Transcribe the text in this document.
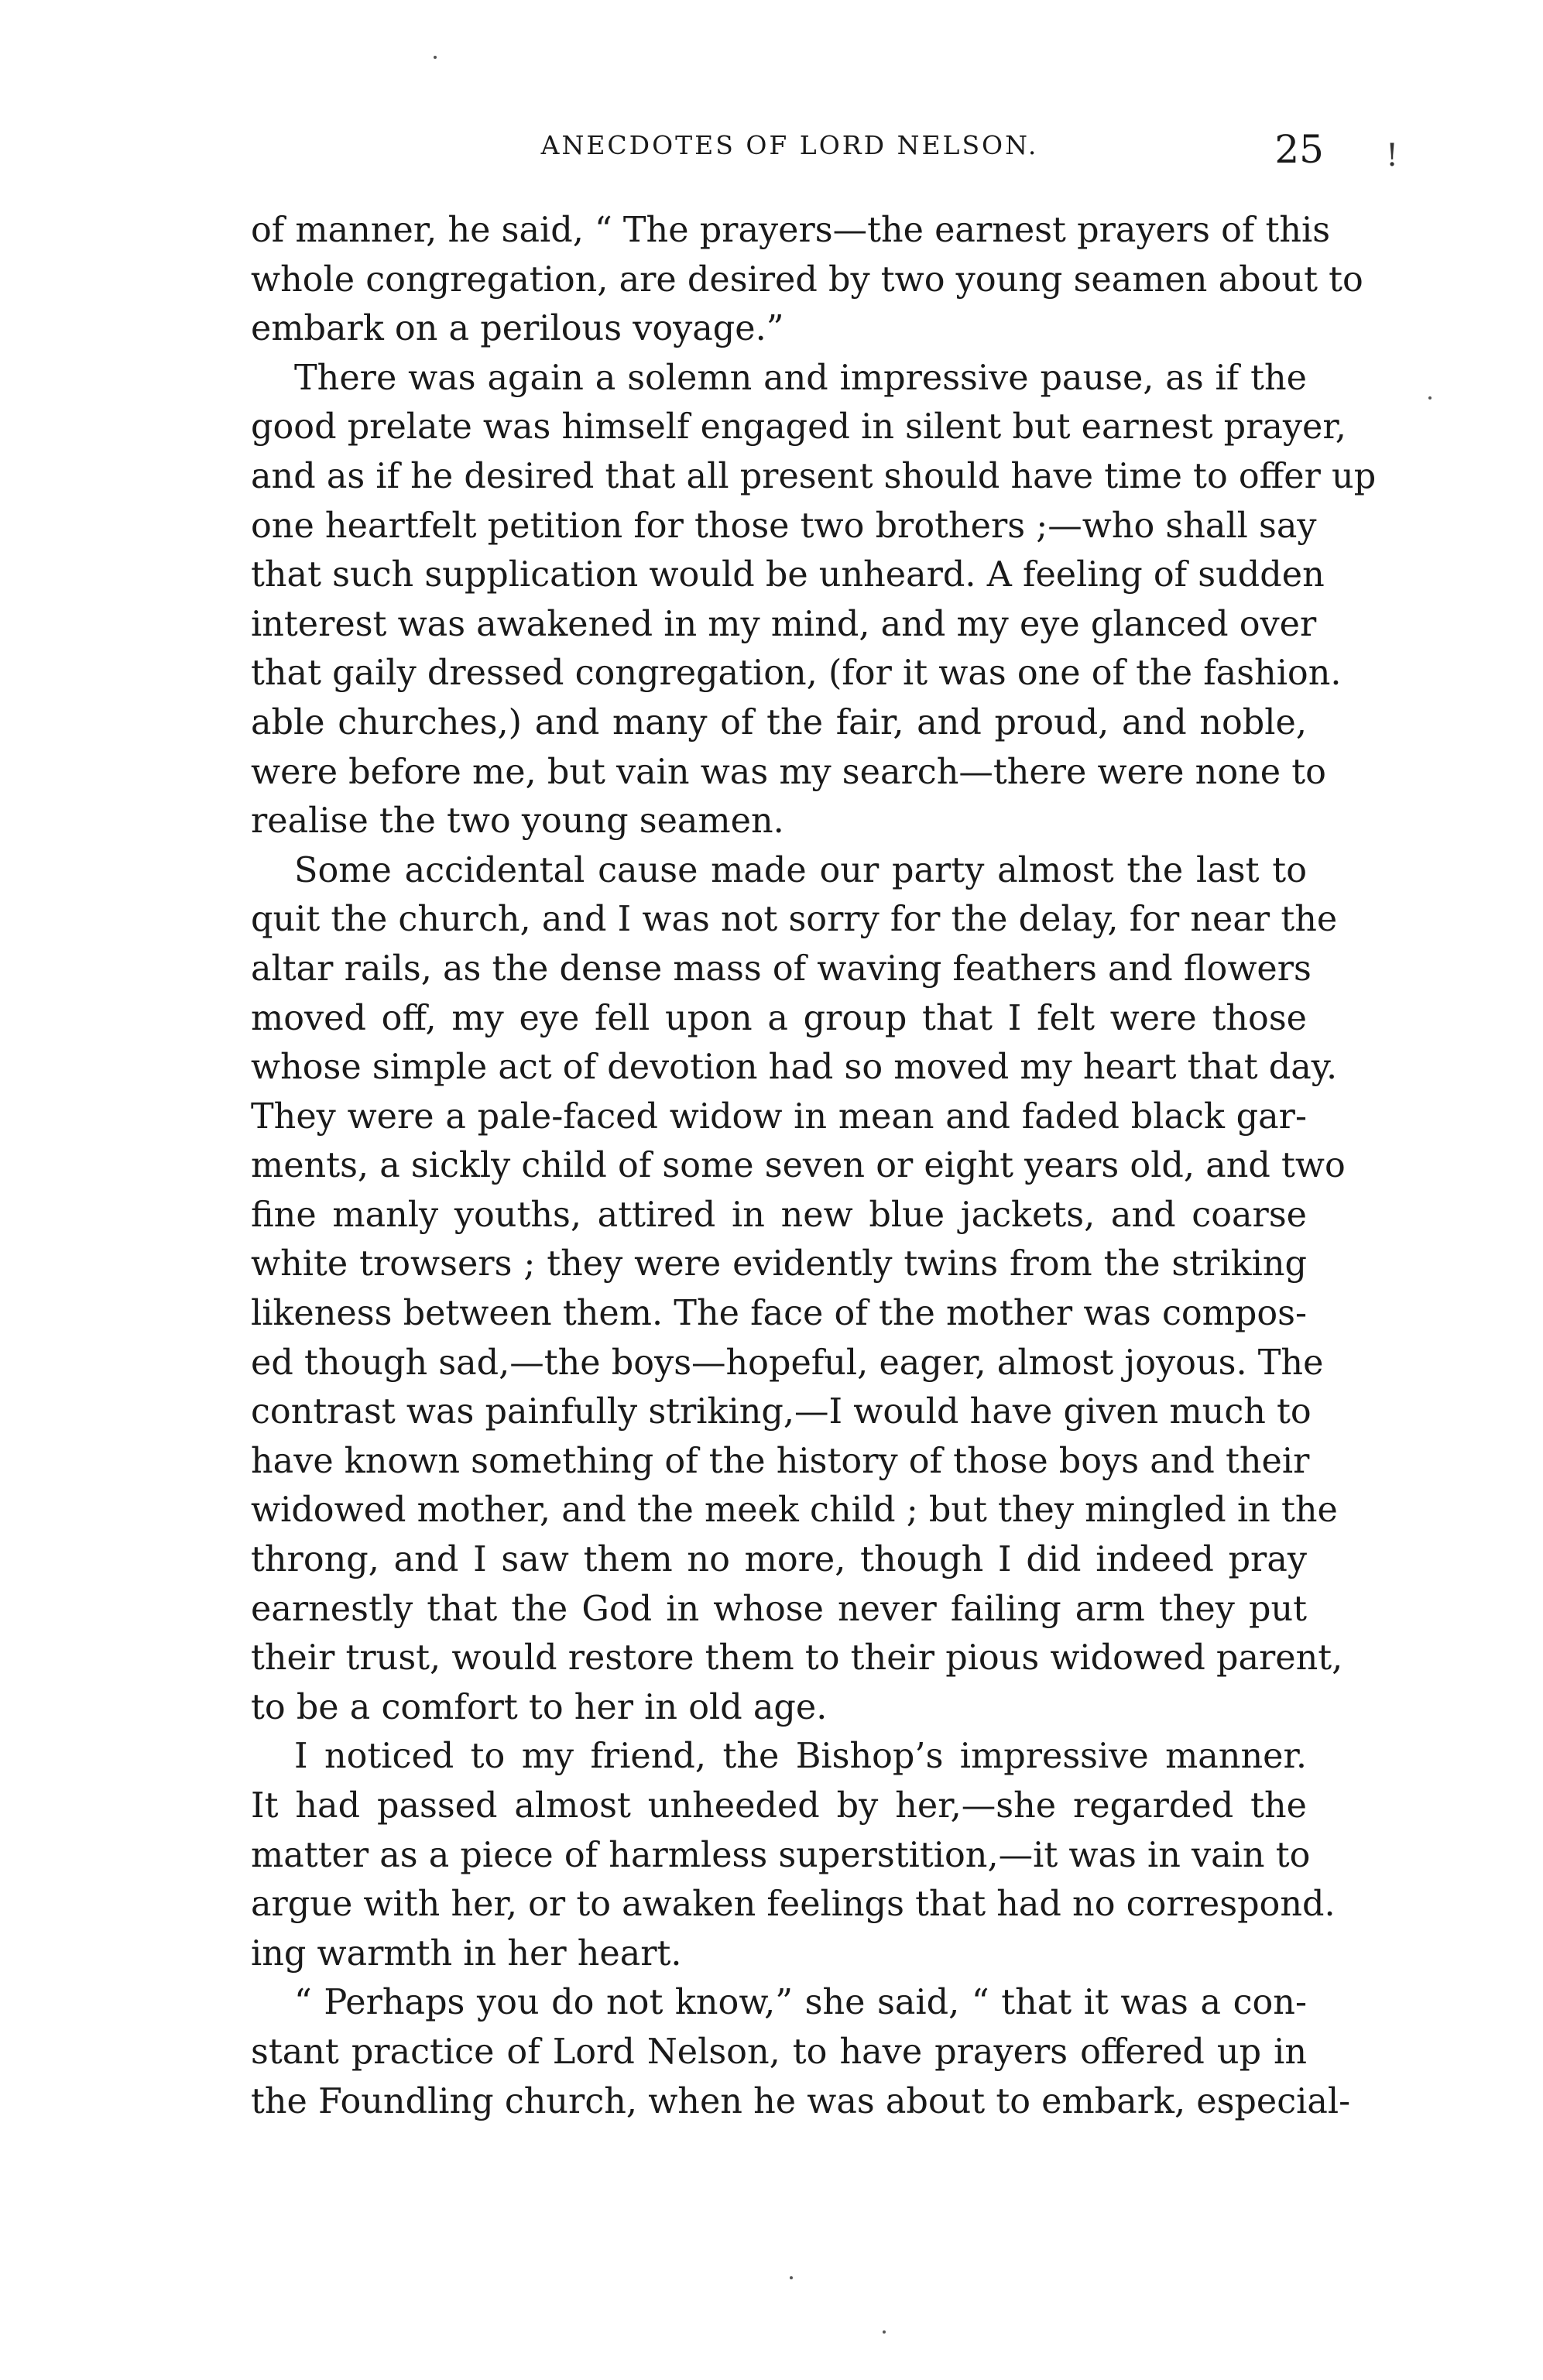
ANECDOTES OF LORD NELSON.	25 !
of manner, he said, “ The prayers—the earnest prayers of this
whole congregation, are desired by two young seamen about to
embark on a perilous voyage.”
There was again a solemn and impressive pause, as if the
good prelate was himself engaged in silent but earnest prayer,
and as if he desired that all present should have time to offer up
one heartfelt petition for those two brothers ;—who shall say
that such supplication would be unheard. A feeling of sudden
interest was awakened in my mind, and my eye glanced over
that gaily dressed congregation, (for it was one of the fashion.
able churches,) and many of the fair, and proud, and noble,
were before me, but vain was my search—there were none to
realise the two young seamen.
Some accidental cause made our party almost the last to
quit the church, and I was not sorry for the delay, for near the
altar rails, as the dense mass of waving feathers and flowers
moved off, my eye fell upon a group that I felt were those
whose simple act of devotion had so moved my heart that day.
They were a pale-faced widow in mean and faded black gar-
ments, a sickly child of some seven or eight years old, and two
fine manly youths, attired in new blue jackets, and coarse
white trowsers ; they were evidently twins from the striking
likeness between them. The face of the mother was compos-
ed though sad,—the boys—hopeful, eager, almost joyous. The
contrast was painfully striking,—I would have given much to
have known something of the history of those boys and their
widowed mother, and the meek child ; but they mingled in the
throng, and I saw them no more, though I did indeed pray
earnestly that the God in whose never failing arm they put
their trust, would restore them to their pious widowed parent,
to be a comfort to her in old age.
I noticed to my friend, the Bishop’s impressive manner.
It had passed almost unheeded by her,—she regarded the
matter as a piece of harmless superstition,—it was in vain to
argue with her, or to awaken feelings that had no correspond.
ing warmth in her heart.
“ Perhaps you do not know,” she said, “ that it was a con-
stant practice of Lord Nelson, to have prayers offered up in
the Foundling church, when he was about to embark, especial-
